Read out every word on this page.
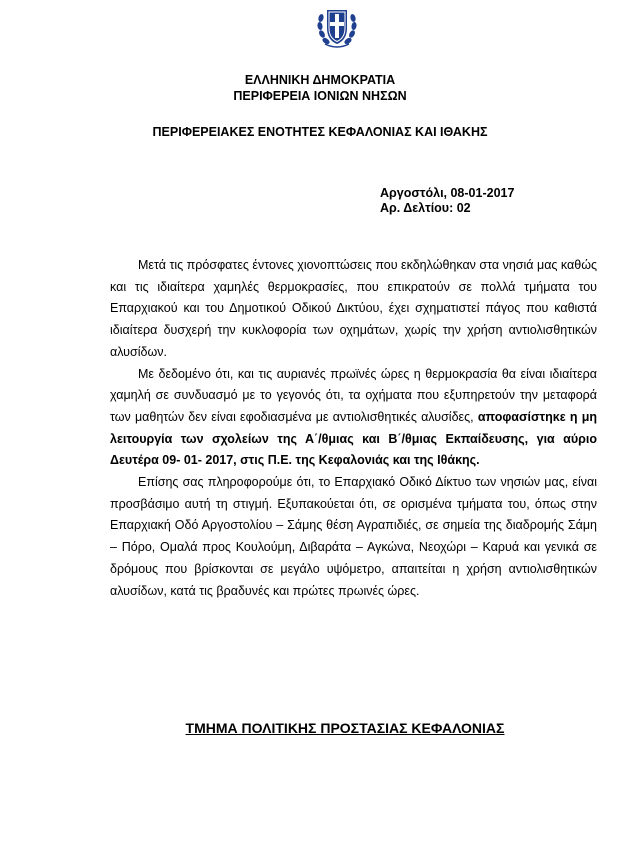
ΕΛΛΗΝΙΚΗ ΔΗΜΟΚΡΑΤΙΑ
ΠΕΡΙΦΕΡΕΙΑ ΙΟΝΙΩΝ ΝΗΣΩΝ
ΠΕΡΙΦΕΡΕΙΑΚΕΣ ΕΝΟΤΗΤΕΣ ΚΕΦΑΛΟΝΙΑΣ ΚΑΙ ΙΘΑΚΗΣ
Αργοστόλι, 08-01-2017
Αρ. Δελτίου: 02

Μετά τις πρόσφατες έντονες χιονοπτώσεις που εκδηλώθηκαν στα νησιά μας καθώς και τις ιδιαίτερα χαμηλές θερμοκρασίες, που επικρατούν σε πολλά τμήματα του Επαρχιακού και του Δημοτικού Οδικού Δικτύου, έχει σχηματιστεί πάγος που καθιστά ιδιαίτερα δυσχερή την κυκλοφορία των οχημάτων, χωρίς την χρήση αντιολισθητικών αλυσίδων.

Με δεδομένο ότι, και τις αυριανές πρωϊνές ώρες η θερμοκρασία θα είναι ιδιαίτερα χαμηλή σε συνδυασμό με το γεγονός ότι, τα οχήματα που εξυπηρετούν την μεταφορά των μαθητών δεν είναι εφοδιασμένα με αντιολισθητικές αλυσίδες, αποφασίστηκε η μη λειτουργία των σχολείων της Α΄/θμιας και Β΄/θμιας Εκπαίδευσης, για αύριο Δευτέρα 09- 01- 2017, στις Π.Ε. της Κεφαλονιάς και της Ιθάκης.

Επίσης σας πληροφορούμε ότι, το Επαρχιακό Οδικό Δίκτυο των νησιών μας, είναι προσβάσιμο αυτή τη στιγμή. Εξυπακούεται ότι, σε ορισμένα τμήματα του, όπως στην Επαρχιακή Οδό Αργοστολίου – Σάμης θέση Αγραπιδιές, σε σημεία της διαδρομής Σάμη – Πόρο, Ομαλά προς Κουλούμη, Διβαράτα – Αγκώνα, Νεοχώρι – Καρυά και γενικά σε δρόμους που βρίσκονται σε μεγάλο υψόμετρο, απαιτείται η χρήση αντιολισθητικών αλυσίδων, κατά τις βραδυνές και πρώτες πρωινές ώρες.

ΤΜΗΜΑ ΠΟΛΙΤΙΚΗΣ ΠΡΟΣΤΑΣΙΑΣ ΚΕΦΑΛΟΝΙΑΣ
